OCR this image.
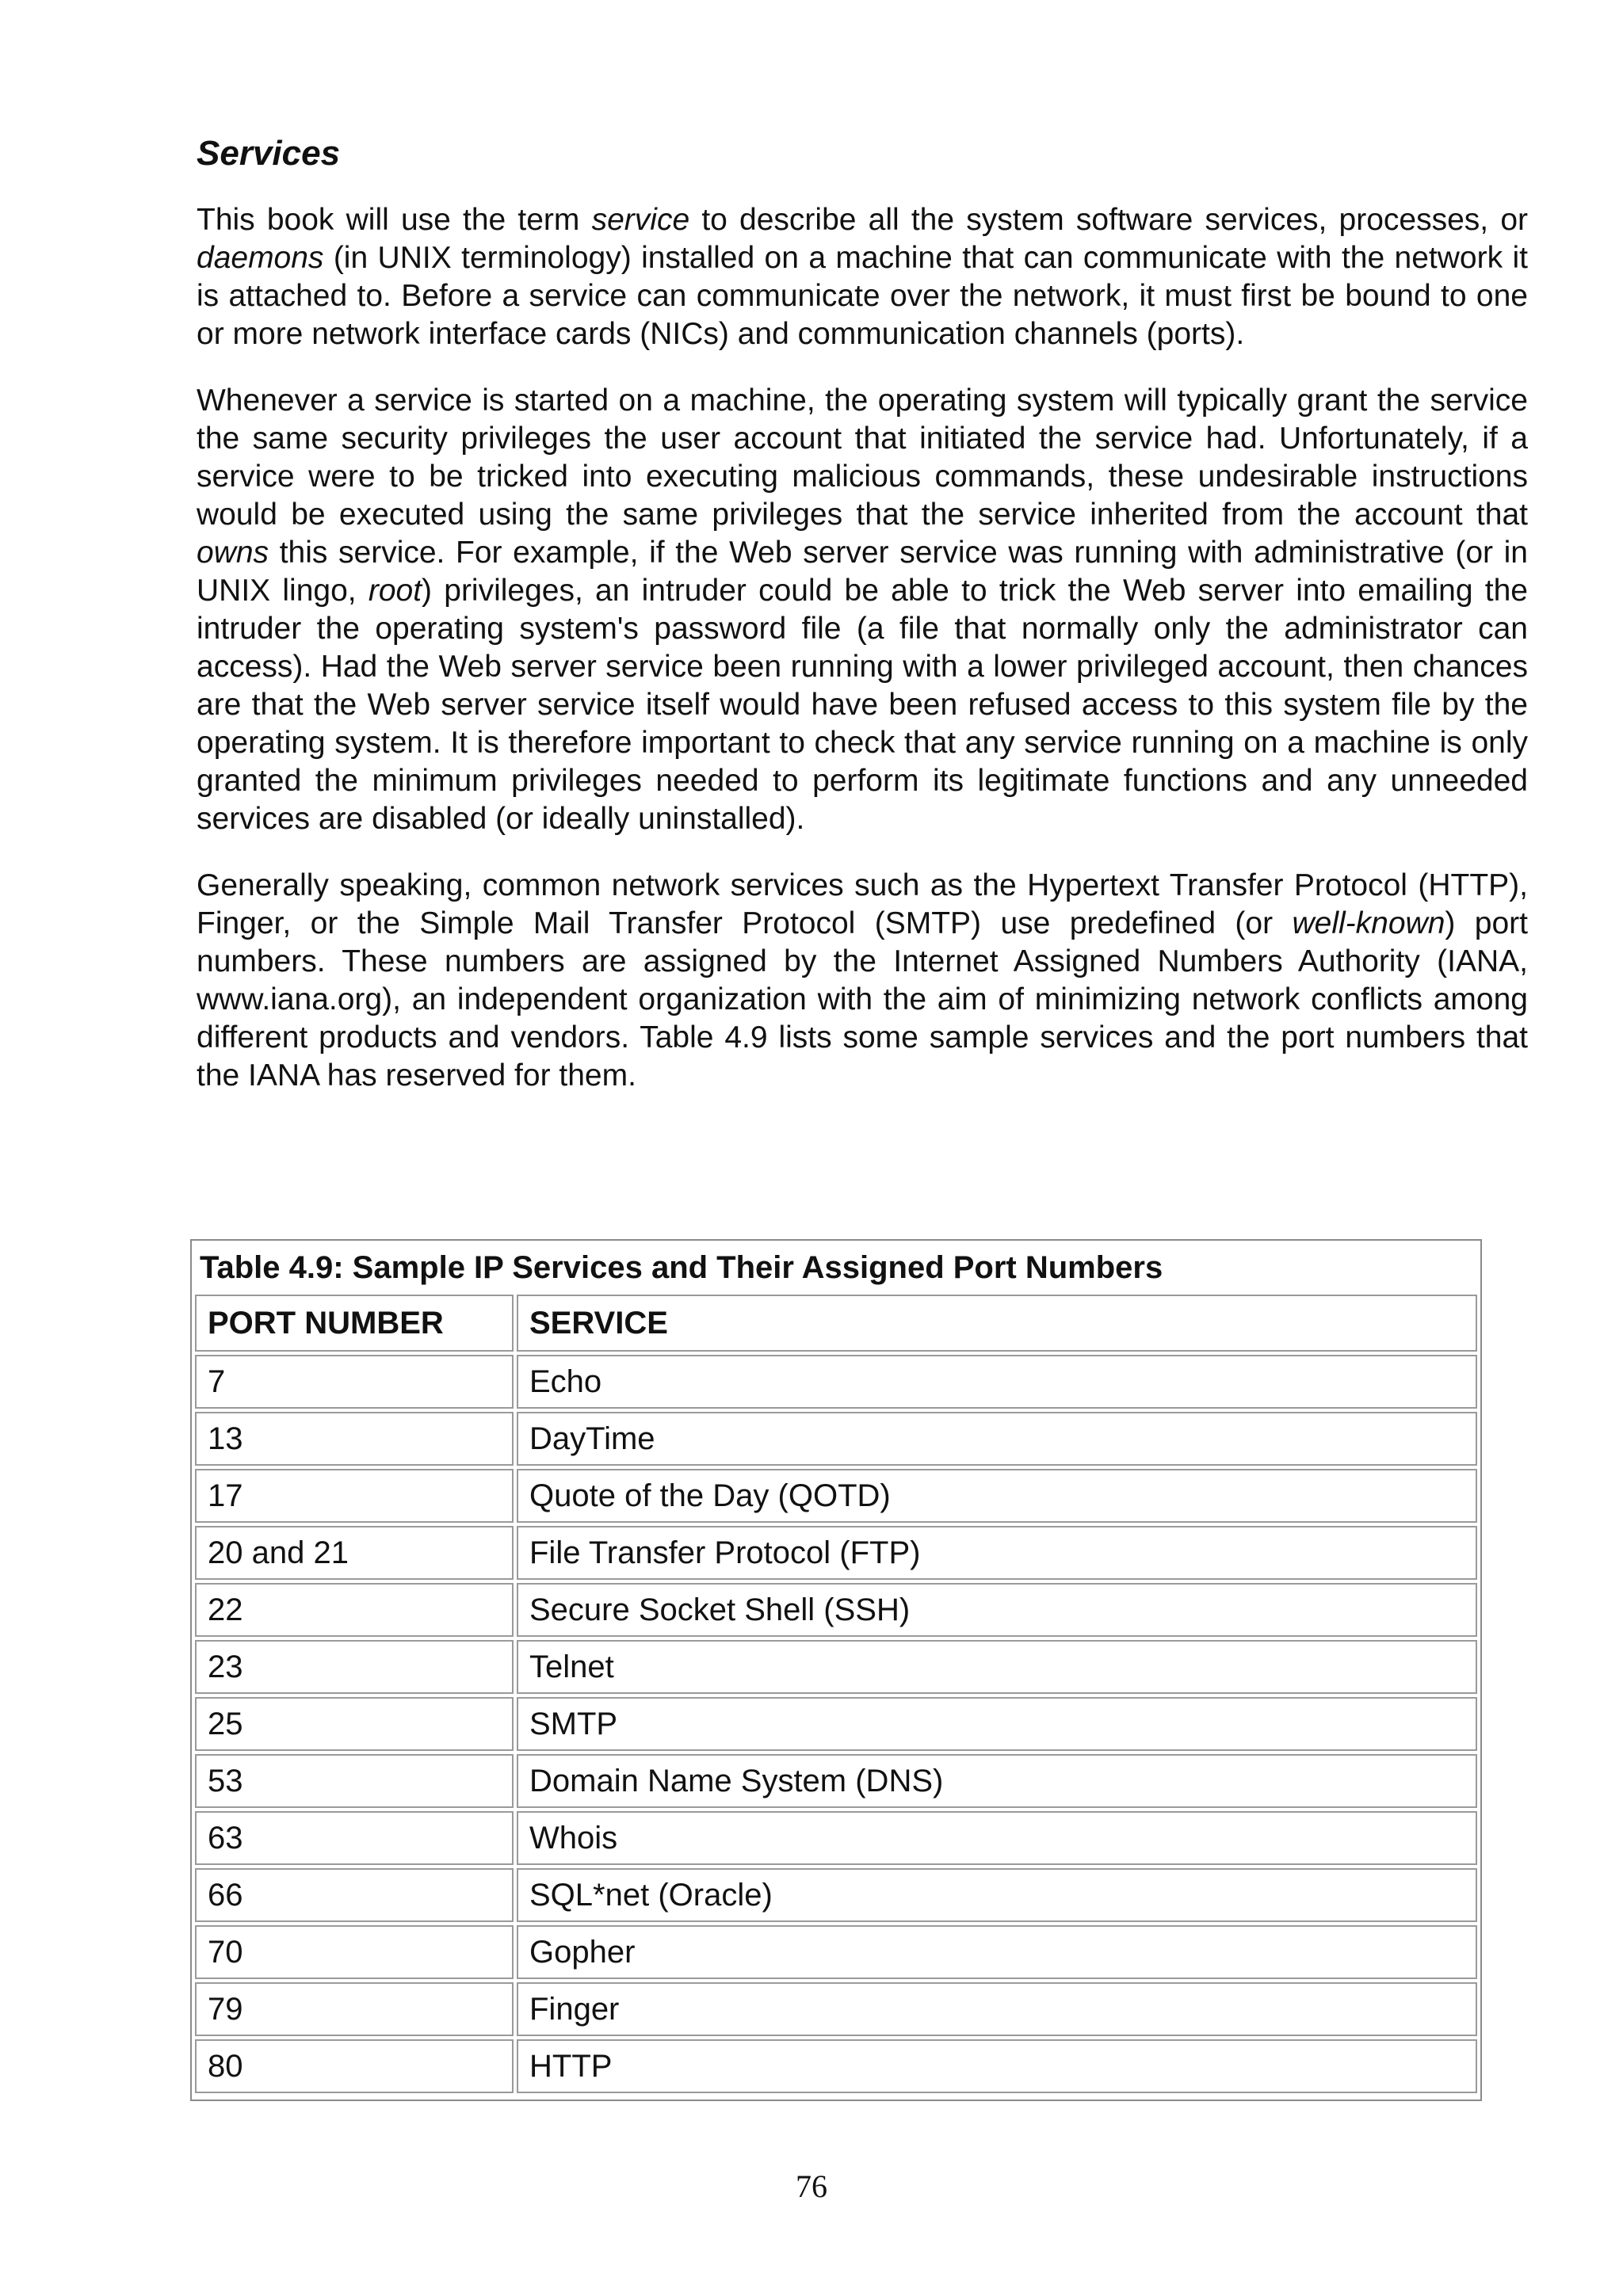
Services

This book will use the term service to describe all the system software services, processes, or daemons (in UNIX terminology) installed on a machine that can communicate with the network it is attached to. Before a service can communicate over the network, it must first be bound to one or more network interface cards (NICs) and communication channels (ports).

Whenever a service is started on a machine, the operating system will typically grant the service the same security privileges the user account that initiated the service had. Unfortunately, if a service were to be tricked into executing malicious commands, these undesirable instructions would be executed using the same privileges that the service inherited from the account that owns this service. For example, if the Web server service was running with administrative (or in UNIX lingo, root) privileges, an intruder could be able to trick the Web server into emailing the intruder the operating system's password file (a file that normally only the administrator can access). Had the Web server service been running with a lower privileged account, then chances are that the Web server service itself would have been refused access to this system file by the operating system. It is therefore important to check that any service running on a machine is only granted the minimum privileges needed to perform its legitimate functions and any unneeded services are disabled (or ideally uninstalled).

Generally speaking, common network services such as the Hypertext Transfer Protocol (HTTP), Finger, or the Simple Mail Transfer Protocol (SMTP) use predefined (or well-known) port numbers. These numbers are assigned by the Internet Assigned Numbers Authority (IANA, www.iana.org), an independent organization with the aim of minimizing network conflicts among different products and vendors. Table 4.9 lists some sample services and the port numbers that the IANA has reserved for them.

Table 4.9: Sample IP Services and Their Assigned Port Numbers
PORT NUMBER	SERVICE
7	Echo
13	DayTime
17	Quote of the Day (QOTD)
20 and 21	File Transfer Protocol (FTP)
22	Secure Socket Shell (SSH)
23	Telnet
25	SMTP
53	Domain Name System (DNS)
63	Whois
66	SQL*net (Oracle)
70	Gopher
79	Finger
80	HTTP
76
